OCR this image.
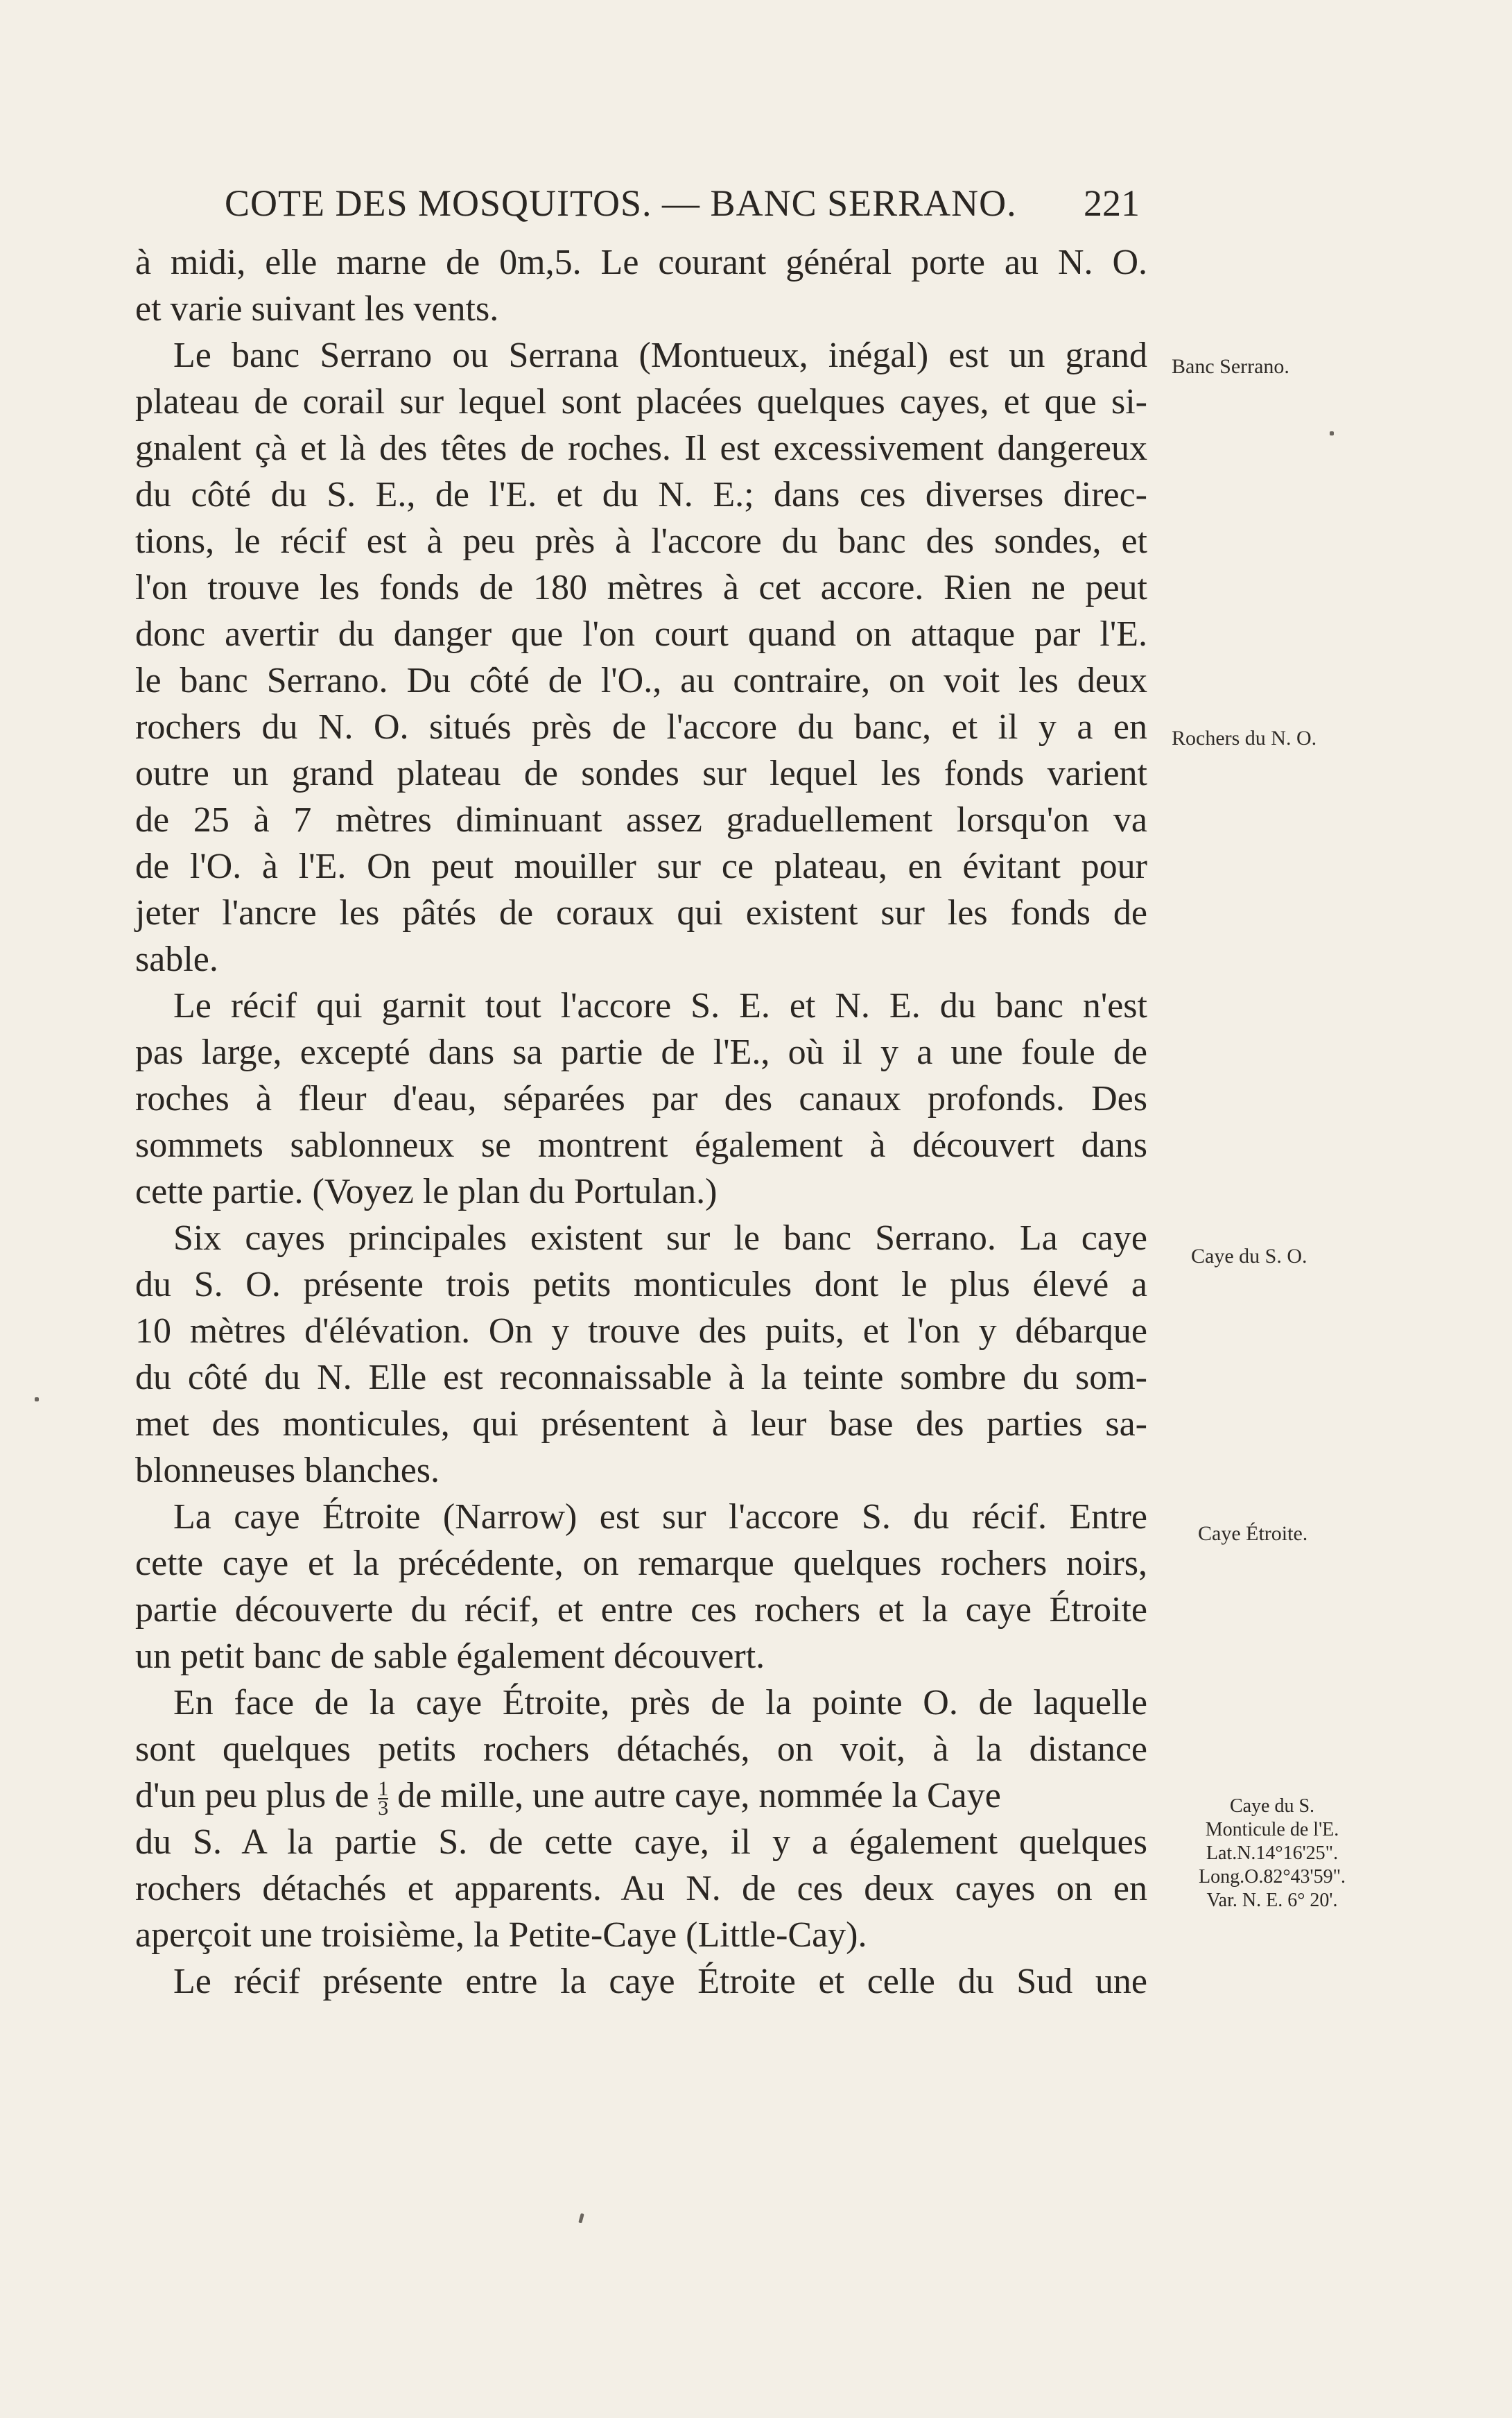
COTE DES MOSQUITOS. — BANC SERRANO. 221
à midi, elle marne de 0m,5. Le courant général porte au N. O.
et varie suivant les vents.
Le banc Serrano ou Serrana (Montueux, inégal) est un grand
plateau de corail sur lequel sont placées quelques cayes, et que si-
gnalent çà et là des têtes de roches. Il est excessivement dangereux
du côté du S. E., de l'E. et du N. E.; dans ces diverses direc-
tions, le récif est à peu près à l'accore du banc des sondes, et
l'on trouve les fonds de 180 mètres à cet accore. Rien ne peut
donc avertir du danger que l'on court quand on attaque par l'E.
le banc Serrano. Du côté de l'O., au contraire, on voit les deux
rochers du N. O. situés près de l'accore du banc, et il y a en
outre un grand plateau de sondes sur lequel les fonds varient
de 25 à 7 mètres diminuant assez graduellement lorsqu'on va
de l'O. à l'E. On peut mouiller sur ce plateau, en évitant pour
jeter l'ancre les pâtés de coraux qui existent sur les fonds de
sable.
Le récif qui garnit tout l'accore S. E. et N. E. du banc n'est
pas large, excepté dans sa partie de l'E., où il y a une foule de
roches à fleur d'eau, séparées par des canaux profonds. Des
sommets sablonneux se montrent également à découvert dans
cette partie. (Voyez le plan du Portulan.)
Six cayes principales existent sur le banc Serrano. La caye
du S. O. présente trois petits monticules dont le plus élevé a
10 mètres d'élévation. On y trouve des puits, et l'on y débarque
du côté du N. Elle est reconnaissable à la teinte sombre du som-
met des monticules, qui présentent à leur base des parties sa-
blonneuses blanches.
La caye Étroite (Narrow) est sur l'accore S. du récif. Entre
cette caye et la précédente, on remarque quelques rochers noirs,
partie découverte du récif, et entre ces rochers et la caye Étroite
un petit banc de sable également découvert.
En face de la caye Étroite, près de la pointe O. de laquelle
sont quelques petits rochers détachés, on voit, à la distance
d'un peu plus de $\frac{1}{3}$ de mille, une autre caye, nommée la Caye
du S. A la partie S. de cette caye, il y a également quelques
rochers détachés et apparents. Au N. de ces deux cayes on en
aperçoit une troisième, la Petite-Caye (Little-Cay).
Le récif présente entre la caye Étroite et celle du Sud une
Banc Serrano.
Rochers du N. O.
Caye du S. O.
Caye Étroite.
Caye du S.
Monticule de l'E.
Lat.N.14°16'25".
Long.O.82°43'59".
Var. N. E. 6° 20'.
